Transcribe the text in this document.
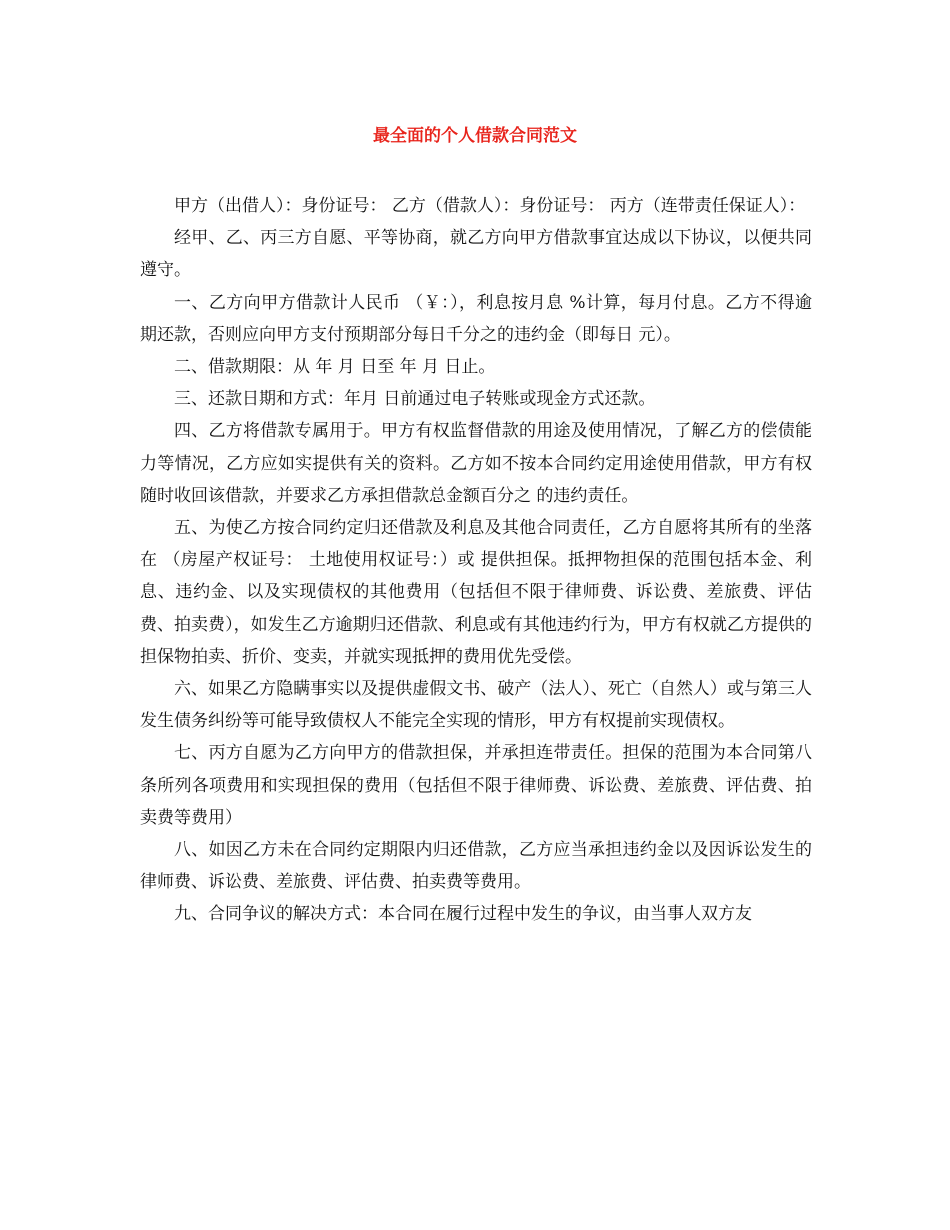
最全面的个人借款合同范文

甲方（出借人）：身份证号： 乙方（借款人）：身份证号： 丙方（连带责任保证人）：

经甲、乙、丙三方自愿、平等协商，就乙方向甲方借款事宜达成以下协议，以便共同遵守。

一、乙方向甲方借款计人民币 （￥：），利息按月息 %计算，每月付息。乙方不得逾期还款，否则应向甲方支付预期部分每日千分之的违约金（即每日 元）。

二、借款期限：从 年 月 日至 年 月 日止。

三、还款日期和方式：年月 日前通过电子转账或现金方式还款。

四、乙方将借款专属用于。甲方有权监督借款的用途及使用情况，了解乙方的偿债能力等情况，乙方应如实提供有关的资料。乙方如不按本合同约定用途使用借款，甲方有权随时收回该借款，并要求乙方承担借款总金额百分之 的违约责任。

五、为使乙方按合同约定归还借款及利息及其他合同责任，乙方自愿将其所有的坐落在 （房屋产权证号： 土地使用权证号：）或 提供担保。抵押物担保的范围包括本金、利息、违约金、以及实现债权的其他费用（包括但不限于律师费、诉讼费、差旅费、评估费、拍卖费），如发生乙方逾期归还借款、利息或有其他违约行为，甲方有权就乙方提供的担保物拍卖、折价、变卖，并就实现抵押的费用优先受偿。

六、如果乙方隐瞒事实以及提供虚假文书、破产（法人）、死亡（自然人）或与第三人发生债务纠纷等可能导致债权人不能完全实现的情形，甲方有权提前实现债权。

七、丙方自愿为乙方向甲方的借款担保，并承担连带责任。担保的范围为本合同第八条所列各项费用和实现担保的费用（包括但不限于律师费、诉讼费、差旅费、评估费、拍卖费等费用）

八、如因乙方未在合同约定期限内归还借款，乙方应当承担违约金以及因诉讼发生的律师费、诉讼费、差旅费、评估费、拍卖费等费用。

九、合同争议的解决方式：本合同在履行过程中发生的争议，由当事人双方友
